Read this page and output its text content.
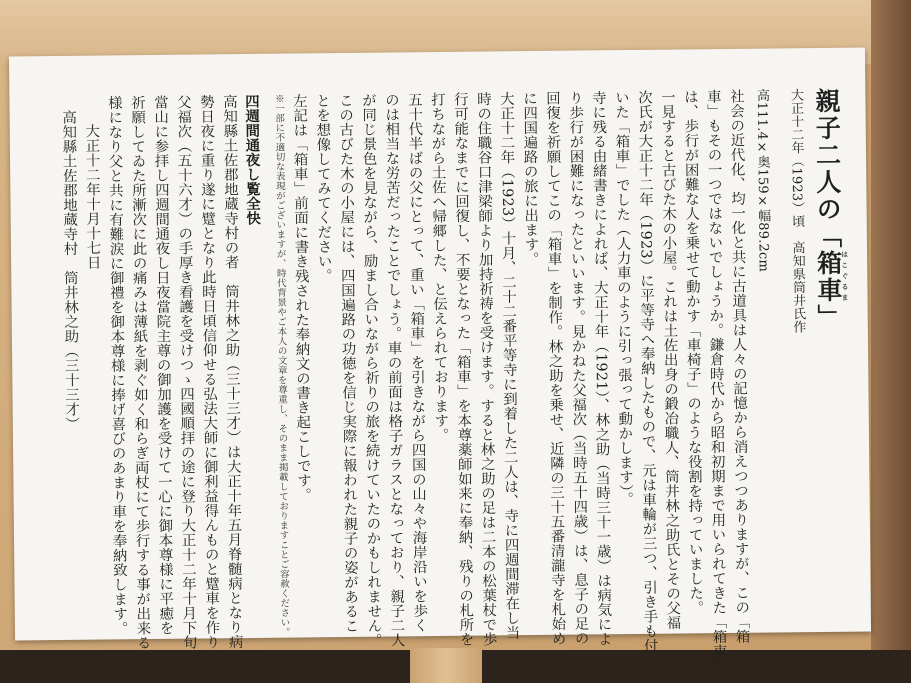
親子二人の「箱車はこぐるま」
大正十二年（1923）頃　高知県筒井氏作
高111.4×奥159×幅89.2cm
社会の近代化、均一化と共に古道具は人々の記憶から消えつつありますが、この「箱
車」もその一つではないでしょうか。鎌倉時代から昭和初期まで用いられてきた「箱車」
は、歩行が困難な人を乗せて動かす「車椅子」のような役割を持っていました。
一見すると古びた木の小屋。これは土佐出身の鍛冶職人、筒井林之助氏とその父福
次氏が大正十二年（1923）に平等寺へ奉納したもので、元は車輪が三つ、引き手も付
いた「箱車」でした（人力車のように引っ張って動かします）。
寺に残る由緒書きによれば、大正十年（1921）、林之助（当時三十一歳）は病気によ
り歩行が困難になったといいます。見かねた父福次（当時五十四歳）は、息子の足の
回復を祈願してこの「箱車」を制作。林之助を乗せ、近隣の三十五番清瀧寺を札始め
に四国遍路の旅に出ます。
大正十二年（1923）十月、二十二番平等寺に到着した二人は、寺に四週間滞在し当
時の住職谷口津梁師より加持祈祷を受けます。すると林之助の足は二本の松葉杖で歩
行可能なまでに回復し、不要となった「箱車」を本尊薬師如来に奉納、残りの札所を
打ちながら土佐へ帰郷した、と伝えられております。
五十代半ばの父にとって、重い「箱車」を引きながら四国の山々や海岸沿いを歩く
のは相当な労苦だったことでしょう。車の前面は格子ガラスとなっており、親子二人
が同じ景色を見ながら、励まし合いながら祈りの旅を続けていたのかもしれません。
この古びた木の小屋には、四国遍路の功徳を信じ実際に報われた親子の姿があるこ
とを想像してみてください。
左記は「箱車」前面に書き残された奉納文の書き起こしです。
※一部に不適切な表現がございますが、時代背景やご本人の文章を尊重し、そのまま掲載しておりますことご容赦ください。
四週間通夜し覧全快
高知縣土佐郡地蔵寺村の者　筒井林之助（三十三才）は大正十年五月脊髄病となり病
勢日夜に重り遂に躄となり此時日頃信仰せる弘法大師に御利益得んものと躄車を作り
父福次（五十六才）の手厚き看護を受けつゝ四國順拝の途に登り大正十二年十月下旬
當山に参拝し四週間通夜し日夜當院主尊の御加護を受けて一心に御本尊様に平癒を
祈願してゐた所漸次に此の痛みは薄紙を剥ぐ如く和らぎ両杖にて歩行する事が出来る
様になり父と共に有難涙に御禮を御本尊様に捧げ喜びのあまり車を奉納致します。
大正十二年十月十七日
高知縣土佐郡地蔵寺村　筒井林之助（三十三才）
